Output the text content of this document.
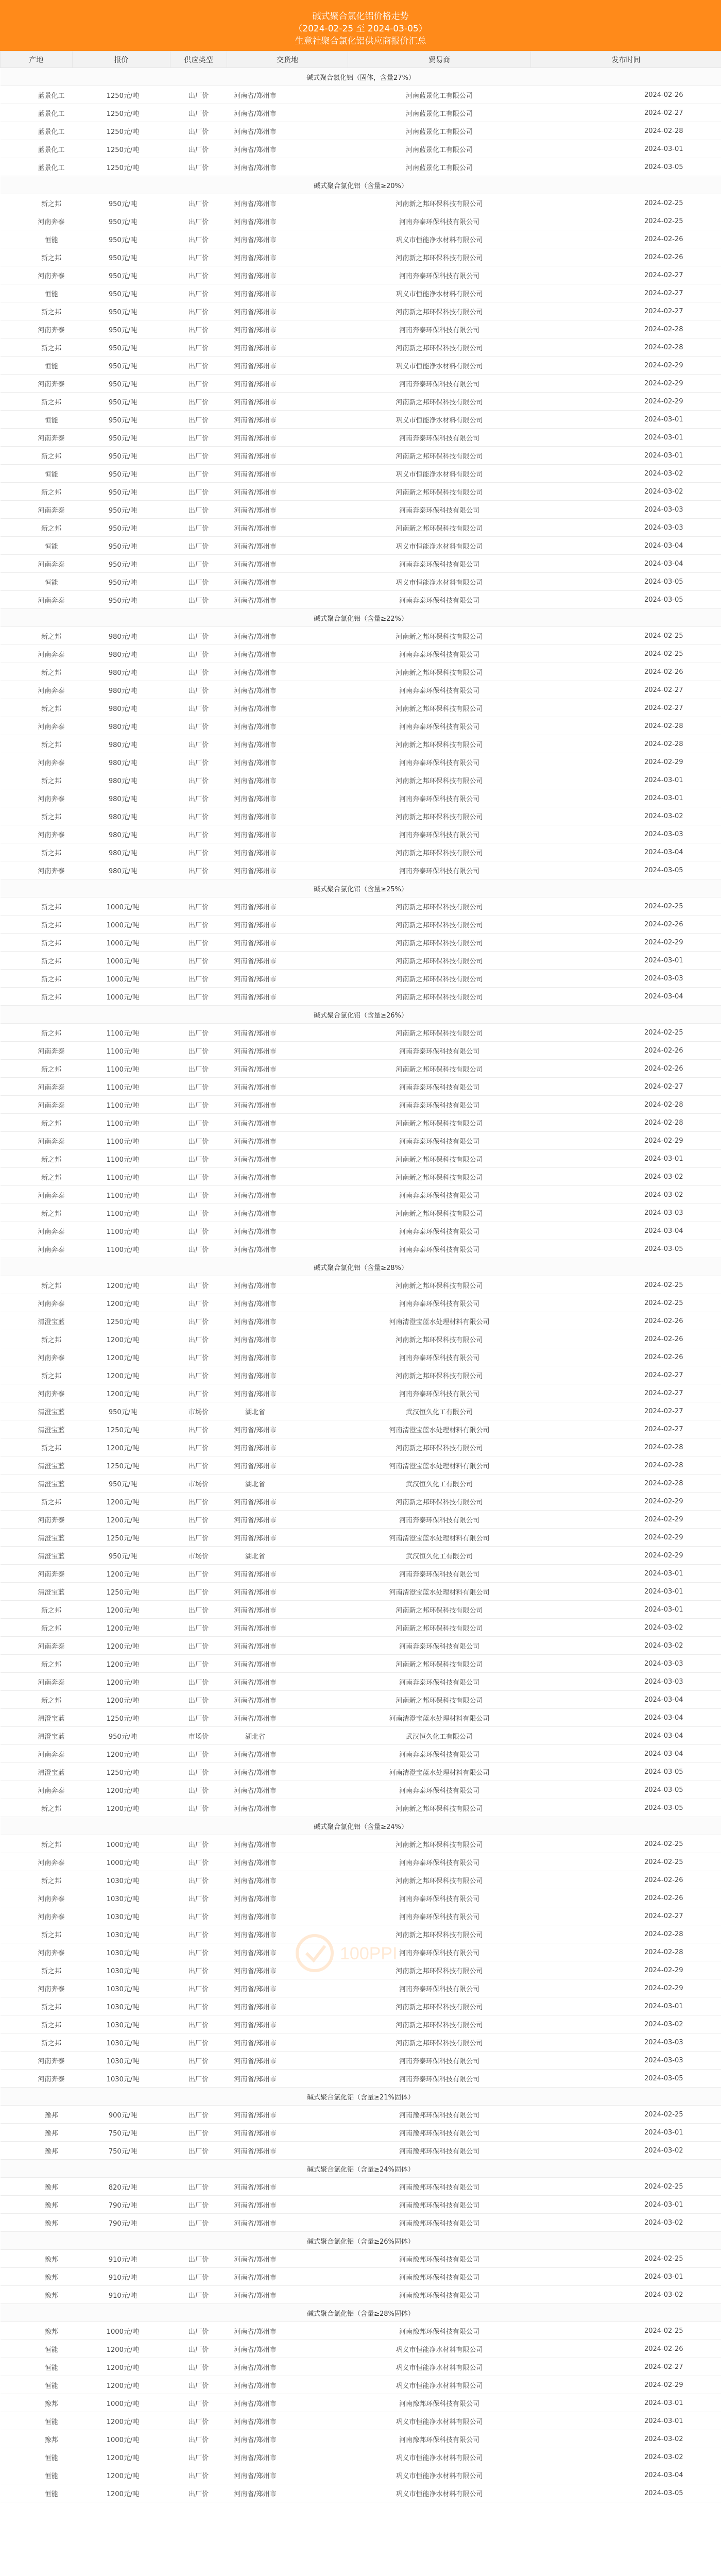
碱式聚合氯化铝价格走势
（2024-02-25 至 2024-03-05）
生意社聚合氯化铝供应商报价汇总
产地	报价	供应类型	交货地		贸易商	发布时间
碱式聚合氯化铝（固体，含量27%）						
蓝景化工	1250元/吨	出厂价	河南省/郑州市		河南蓝景化工有限公司	2024-02-26
蓝景化工	1250元/吨	出厂价	河南省/郑州市		河南蓝景化工有限公司	2024-02-27
蓝景化工	1250元/吨	出厂价	河南省/郑州市		河南蓝景化工有限公司	2024-02-28
蓝景化工	1250元/吨	出厂价	河南省/郑州市		河南蓝景化工有限公司	2024-03-01
蓝景化工	1250元/吨	出厂价	河南省/郑州市		河南蓝景化工有限公司	2024-03-05
碱式聚合氯化铝（含量≥20%）						
新之邦	950元/吨	出厂价	河南省/郑州市		河南新之邦环保科技有限公司	2024-02-25
河南奔泰	950元/吨	出厂价	河南省/郑州市		河南奔泰环保科技有限公司	2024-02-25
恒能	950元/吨	出厂价	河南省/郑州市		巩义市恒能净水材料有限公司	2024-02-26
新之邦	950元/吨	出厂价	河南省/郑州市		河南新之邦环保科技有限公司	2024-02-26
河南奔泰	950元/吨	出厂价	河南省/郑州市		河南奔泰环保科技有限公司	2024-02-27
恒能	950元/吨	出厂价	河南省/郑州市		巩义市恒能净水材料有限公司	2024-02-27
新之邦	950元/吨	出厂价	河南省/郑州市		河南新之邦环保科技有限公司	2024-02-27
河南奔泰	950元/吨	出厂价	河南省/郑州市		河南奔泰环保科技有限公司	2024-02-28
新之邦	950元/吨	出厂价	河南省/郑州市		河南新之邦环保科技有限公司	2024-02-28
恒能	950元/吨	出厂价	河南省/郑州市		巩义市恒能净水材料有限公司	2024-02-29
河南奔泰	950元/吨	出厂价	河南省/郑州市		河南奔泰环保科技有限公司	2024-02-29
新之邦	950元/吨	出厂价	河南省/郑州市		河南新之邦环保科技有限公司	2024-02-29
恒能	950元/吨	出厂价	河南省/郑州市		巩义市恒能净水材料有限公司	2024-03-01
河南奔泰	950元/吨	出厂价	河南省/郑州市		河南奔泰环保科技有限公司	2024-03-01
新之邦	950元/吨	出厂价	河南省/郑州市		河南新之邦环保科技有限公司	2024-03-01
恒能	950元/吨	出厂价	河南省/郑州市		巩义市恒能净水材料有限公司	2024-03-02
新之邦	950元/吨	出厂价	河南省/郑州市		河南新之邦环保科技有限公司	2024-03-02
河南奔泰	950元/吨	出厂价	河南省/郑州市		河南奔泰环保科技有限公司	2024-03-03
新之邦	950元/吨	出厂价	河南省/郑州市		河南新之邦环保科技有限公司	2024-03-03
恒能	950元/吨	出厂价	河南省/郑州市		巩义市恒能净水材料有限公司	2024-03-04
河南奔泰	950元/吨	出厂价	河南省/郑州市		河南奔泰环保科技有限公司	2024-03-04
恒能	950元/吨	出厂价	河南省/郑州市		巩义市恒能净水材料有限公司	2024-03-05
河南奔泰	950元/吨	出厂价	河南省/郑州市		河南奔泰环保科技有限公司	2024-03-05
碱式聚合氯化铝（含量≥22%）						
新之邦	980元/吨	出厂价	河南省/郑州市		河南新之邦环保科技有限公司	2024-02-25
河南奔泰	980元/吨	出厂价	河南省/郑州市		河南奔泰环保科技有限公司	2024-02-25
新之邦	980元/吨	出厂价	河南省/郑州市		河南新之邦环保科技有限公司	2024-02-26
河南奔泰	980元/吨	出厂价	河南省/郑州市		河南奔泰环保科技有限公司	2024-02-27
新之邦	980元/吨	出厂价	河南省/郑州市		河南新之邦环保科技有限公司	2024-02-27
河南奔泰	980元/吨	出厂价	河南省/郑州市		河南奔泰环保科技有限公司	2024-02-28
新之邦	980元/吨	出厂价	河南省/郑州市		河南新之邦环保科技有限公司	2024-02-28
河南奔泰	980元/吨	出厂价	河南省/郑州市		河南奔泰环保科技有限公司	2024-02-29
新之邦	980元/吨	出厂价	河南省/郑州市		河南新之邦环保科技有限公司	2024-03-01
河南奔泰	980元/吨	出厂价	河南省/郑州市		河南奔泰环保科技有限公司	2024-03-01
新之邦	980元/吨	出厂价	河南省/郑州市		河南新之邦环保科技有限公司	2024-03-02
河南奔泰	980元/吨	出厂价	河南省/郑州市		河南奔泰环保科技有限公司	2024-03-03
新之邦	980元/吨	出厂价	河南省/郑州市		河南新之邦环保科技有限公司	2024-03-04
河南奔泰	980元/吨	出厂价	河南省/郑州市		河南奔泰环保科技有限公司	2024-03-05
碱式聚合氯化铝（含量≥25%）						
新之邦	1000元/吨	出厂价	河南省/郑州市		河南新之邦环保科技有限公司	2024-02-25
新之邦	1000元/吨	出厂价	河南省/郑州市		河南新之邦环保科技有限公司	2024-02-26
新之邦	1000元/吨	出厂价	河南省/郑州市		河南新之邦环保科技有限公司	2024-02-29
新之邦	1000元/吨	出厂价	河南省/郑州市		河南新之邦环保科技有限公司	2024-03-01
新之邦	1000元/吨	出厂价	河南省/郑州市		河南新之邦环保科技有限公司	2024-03-03
新之邦	1000元/吨	出厂价	河南省/郑州市		河南新之邦环保科技有限公司	2024-03-04
碱式聚合氯化铝（含量≥26%）						
新之邦	1100元/吨	出厂价	河南省/郑州市		河南新之邦环保科技有限公司	2024-02-25
河南奔泰	1100元/吨	出厂价	河南省/郑州市		河南奔泰环保科技有限公司	2024-02-26
新之邦	1100元/吨	出厂价	河南省/郑州市		河南新之邦环保科技有限公司	2024-02-26
河南奔泰	1100元/吨	出厂价	河南省/郑州市		河南奔泰环保科技有限公司	2024-02-27
河南奔泰	1100元/吨	出厂价	河南省/郑州市		河南奔泰环保科技有限公司	2024-02-28
新之邦	1100元/吨	出厂价	河南省/郑州市		河南新之邦环保科技有限公司	2024-02-28
河南奔泰	1100元/吨	出厂价	河南省/郑州市		河南奔泰环保科技有限公司	2024-02-29
新之邦	1100元/吨	出厂价	河南省/郑州市		河南新之邦环保科技有限公司	2024-03-01
新之邦	1100元/吨	出厂价	河南省/郑州市		河南新之邦环保科技有限公司	2024-03-02
河南奔泰	1100元/吨	出厂价	河南省/郑州市		河南奔泰环保科技有限公司	2024-03-02
新之邦	1100元/吨	出厂价	河南省/郑州市		河南新之邦环保科技有限公司	2024-03-03
河南奔泰	1100元/吨	出厂价	河南省/郑州市		河南奔泰环保科技有限公司	2024-03-04
河南奔泰	1100元/吨	出厂价	河南省/郑州市		河南奔泰环保科技有限公司	2024-03-05
碱式聚合氯化铝（含量≥28%）						
新之邦	1200元/吨	出厂价	河南省/郑州市		河南新之邦环保科技有限公司	2024-02-25
河南奔泰	1200元/吨	出厂价	河南省/郑州市		河南奔泰环保科技有限公司	2024-02-25
清澄宝蓝	1250元/吨	出厂价	河南省/郑州市		河南清澄宝蓝水处理材料有限公司	2024-02-26
新之邦	1200元/吨	出厂价	河南省/郑州市		河南新之邦环保科技有限公司	2024-02-26
河南奔泰	1200元/吨	出厂价	河南省/郑州市		河南奔泰环保科技有限公司	2024-02-26
新之邦	1200元/吨	出厂价	河南省/郑州市		河南新之邦环保科技有限公司	2024-02-27
河南奔泰	1200元/吨	出厂价	河南省/郑州市		河南奔泰环保科技有限公司	2024-02-27
清澄宝蓝	950元/吨	市场价	湖北省		武汉恒久化工有限公司	2024-02-27
清澄宝蓝	1250元/吨	出厂价	河南省/郑州市		河南清澄宝蓝水处理材料有限公司	2024-02-27
新之邦	1200元/吨	出厂价	河南省/郑州市		河南新之邦环保科技有限公司	2024-02-28
清澄宝蓝	1250元/吨	出厂价	河南省/郑州市		河南清澄宝蓝水处理材料有限公司	2024-02-28
清澄宝蓝	950元/吨	市场价	湖北省		武汉恒久化工有限公司	2024-02-28
新之邦	1200元/吨	出厂价	河南省/郑州市		河南新之邦环保科技有限公司	2024-02-29
河南奔泰	1200元/吨	出厂价	河南省/郑州市		河南奔泰环保科技有限公司	2024-02-29
清澄宝蓝	1250元/吨	出厂价	河南省/郑州市		河南清澄宝蓝水处理材料有限公司	2024-02-29
清澄宝蓝	950元/吨	市场价	湖北省		武汉恒久化工有限公司	2024-02-29
河南奔泰	1200元/吨	出厂价	河南省/郑州市		河南奔泰环保科技有限公司	2024-03-01
清澄宝蓝	1250元/吨	出厂价	河南省/郑州市		河南清澄宝蓝水处理材料有限公司	2024-03-01
新之邦	1200元/吨	出厂价	河南省/郑州市		河南新之邦环保科技有限公司	2024-03-01
新之邦	1200元/吨	出厂价	河南省/郑州市		河南新之邦环保科技有限公司	2024-03-02
河南奔泰	1200元/吨	出厂价	河南省/郑州市		河南奔泰环保科技有限公司	2024-03-02
新之邦	1200元/吨	出厂价	河南省/郑州市		河南新之邦环保科技有限公司	2024-03-03
河南奔泰	1200元/吨	出厂价	河南省/郑州市		河南奔泰环保科技有限公司	2024-03-03
新之邦	1200元/吨	出厂价	河南省/郑州市		河南新之邦环保科技有限公司	2024-03-04
清澄宝蓝	1250元/吨	出厂价	河南省/郑州市		河南清澄宝蓝水处理材料有限公司	2024-03-04
清澄宝蓝	950元/吨	市场价	湖北省		武汉恒久化工有限公司	2024-03-04
河南奔泰	1200元/吨	出厂价	河南省/郑州市		河南奔泰环保科技有限公司	2024-03-04
清澄宝蓝	1250元/吨	出厂价	河南省/郑州市		河南清澄宝蓝水处理材料有限公司	2024-03-05
河南奔泰	1200元/吨	出厂价	河南省/郑州市		河南奔泰环保科技有限公司	2024-03-05
新之邦	1200元/吨	出厂价	河南省/郑州市		河南新之邦环保科技有限公司	2024-03-05
碱式聚合氯化铝（含量≥24%）						
新之邦	1000元/吨	出厂价	河南省/郑州市		河南新之邦环保科技有限公司	2024-02-25
河南奔泰	1000元/吨	出厂价	河南省/郑州市		河南奔泰环保科技有限公司	2024-02-25
新之邦	1030元/吨	出厂价	河南省/郑州市		河南新之邦环保科技有限公司	2024-02-26
河南奔泰	1030元/吨	出厂价	河南省/郑州市		河南奔泰环保科技有限公司	2024-02-26
河南奔泰	1030元/吨	出厂价	河南省/郑州市		河南奔泰环保科技有限公司	2024-02-27
新之邦	1030元/吨	出厂价	河南省/郑州市		河南新之邦环保科技有限公司	2024-02-28
河南奔泰	1030元/吨	出厂价	河南省/郑州市		河南奔泰环保科技有限公司	2024-02-28
新之邦	1030元/吨	出厂价	河南省/郑州市		河南新之邦环保科技有限公司	2024-02-29
河南奔泰	1030元/吨	出厂价	河南省/郑州市		河南奔泰环保科技有限公司	2024-02-29
新之邦	1030元/吨	出厂价	河南省/郑州市		河南新之邦环保科技有限公司	2024-03-01
新之邦	1030元/吨	出厂价	河南省/郑州市		河南新之邦环保科技有限公司	2024-03-02
新之邦	1030元/吨	出厂价	河南省/郑州市		河南新之邦环保科技有限公司	2024-03-03
河南奔泰	1030元/吨	出厂价	河南省/郑州市		河南奔泰环保科技有限公司	2024-03-03
河南奔泰	1030元/吨	出厂价	河南省/郑州市		河南奔泰环保科技有限公司	2024-03-05
碱式聚合氯化铝（含量≥21%固体）						
豫邦	900元/吨	出厂价	河南省/郑州市		河南豫邦环保科技有限公司	2024-02-25
豫邦	750元/吨	出厂价	河南省/郑州市		河南豫邦环保科技有限公司	2024-03-01
豫邦	750元/吨	出厂价	河南省/郑州市		河南豫邦环保科技有限公司	2024-03-02
碱式聚合氯化铝（含量≥24%固体）						
豫邦	820元/吨	出厂价	河南省/郑州市		河南豫邦环保科技有限公司	2024-02-25
豫邦	790元/吨	出厂价	河南省/郑州市		河南豫邦环保科技有限公司	2024-03-01
豫邦	790元/吨	出厂价	河南省/郑州市		河南豫邦环保科技有限公司	2024-03-02
碱式聚合氯化铝（含量≥26%固体）						
豫邦	910元/吨	出厂价	河南省/郑州市		河南豫邦环保科技有限公司	2024-02-25
豫邦	910元/吨	出厂价	河南省/郑州市		河南豫邦环保科技有限公司	2024-03-01
豫邦	910元/吨	出厂价	河南省/郑州市		河南豫邦环保科技有限公司	2024-03-02
碱式聚合氯化铝（含量≥28%固体）						
豫邦	1000元/吨	出厂价	河南省/郑州市		河南豫邦环保科技有限公司	2024-02-25
恒能	1200元/吨	出厂价	河南省/郑州市		巩义市恒能净水材料有限公司	2024-02-26
恒能	1200元/吨	出厂价	河南省/郑州市		巩义市恒能净水材料有限公司	2024-02-27
恒能	1200元/吨	出厂价	河南省/郑州市		巩义市恒能净水材料有限公司	2024-02-29
豫邦	1000元/吨	出厂价	河南省/郑州市		河南豫邦环保科技有限公司	2024-03-01
恒能	1200元/吨	出厂价	河南省/郑州市		巩义市恒能净水材料有限公司	2024-03-01
豫邦	1000元/吨	出厂价	河南省/郑州市		河南豫邦环保科技有限公司	2024-03-02
恒能	1200元/吨	出厂价	河南省/郑州市		巩义市恒能净水材料有限公司	2024-03-02
恒能	1200元/吨	出厂价	河南省/郑州市		巩义市恒能净水材料有限公司	2024-03-04
恒能	1200元/吨	出厂价	河南省/郑州市		巩义市恒能净水材料有限公司	2024-03-05
100PPI
